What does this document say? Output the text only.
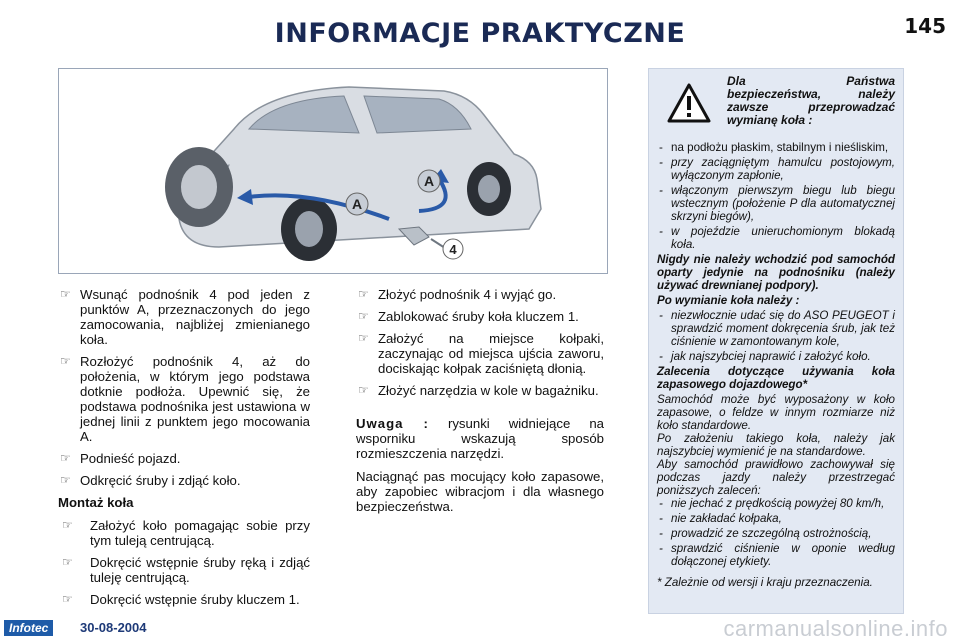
INFORMACJE PRAKTYCZNE	145
A
A
4
☞ Wsunąć podnośnik 4 pod jeden z punktów A, przeznaczonych do jego zamocowania, najbliżej zmienianego koła.
☞ Rozłożyć podnośnik 4, aż do położenia, w którym jego podstawa dotknie podłoża. Upewnić się, że podstawa podnośnika jest ustawiona w jednej linii z punktem jego mocowania A.
☞ Podnieść pojazd.
☞ Odkręcić śruby i zdjąć koło.
Montaż koła
☞ Założyć koło pomagając sobie przy tym tuleją centrującą.
☞ Dokręcić wstępnie śruby ręką i zdjąć tuleję centrującą.
☞ Dokręcić wstępnie śruby kluczem 1.
☞ Złożyć podnośnik 4 i wyjąć go.
☞ Zablokować śruby koła kluczem 1.
☞ Założyć na miejsce kołpaki, zaczynając od miejsca ujścia zaworu, dociskając kołpak zaciśniętą dłonią.
☞ Złożyć narzędzia w kole w bagażniku.
Uwaga : rysunki widniejące na wsporniku wskazują sposób rozmieszczenia narzędzi.
Naciągnąć pas mocujący koło zapasowe, aby zapobiec wibracjom i dla własnego bezpieczeństwa.
Dla Państwa bezpieczeństwa, należy zawsze przeprowadzać wymianę koła :
- na podłożu płaskim, stabilnym i nieśliskim,
- przy zaciągniętym hamulcu postojowym, wyłączonym zapłonie,
- włączonym pierwszym biegu lub biegu wstecznym (położenie P dla automatycznej skrzyni biegów),
- w pojeździe unieruchomionym blokadą koła.
Nigdy nie należy wchodzić pod samochód oparty jedynie na podnośniku (należy używać drewnianej podpory).
Po wymianie koła należy :
- niezwłocznie udać się do ASO PEUGEOT i sprawdzić moment dokręcenia śrub, jak też ciśnienie w zamontowanym kole,
- jak najszybciej naprawić i założyć koło.
Zalecenia dotyczące używania koła zapasowego dojazdowego*
Samochód może być wyposażony w koło zapasowe, o feldze w innym rozmiarze niż koło standardowe.
Po założeniu takiego koła, należy jak najszybciej wymienić je na standardowe.
Aby samochód prawidłowo zachowywał się podczas jazdy należy przestrzegać poniższych zaleceń:
- nie jechać z prędkością powyżej 80 km/h,
- nie zakładać kołpaka,
- prowadzić ze szczególną ostrożnością,
- sprawdzić ciśnienie w oponie według dołączonej etykiety.
* Zależnie od wersji i kraju przeznaczenia.
Infotec	30-08-2004	carmanualsonline.info
